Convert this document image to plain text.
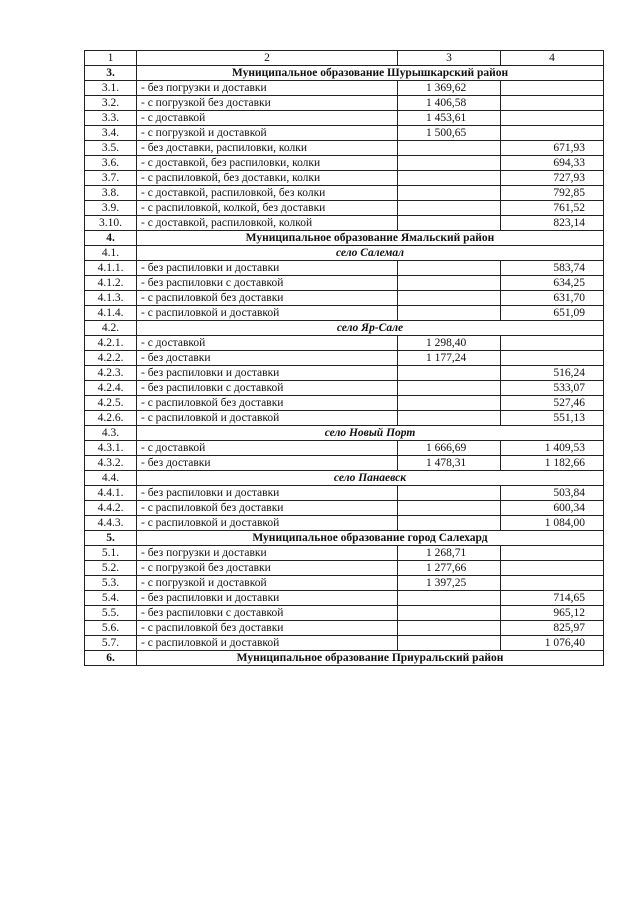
1	2	3	4
3.	Муниципальное образование Шурышкарский район		
3.1.	- без погрузки и доставки	1 369,62	
3.2.	- с погрузкой без доставки	1 406,58	
3.3.	- с доставкой	1 453,61	
3.4.	- с погрузкой и доставкой	1 500,65	
3.5.	- без доставки, распиловки, колки		671,93
3.6.	- с доставкой, без распиловки, колки		694,33
3.7.	- с распиловкой, без доставки, колки		727,93
3.8.	- с доставкой, распиловкой, без колки		792,85
3.9.	- с распиловкой, колкой, без доставки		761,52
3.10.	- с доставкой, распиловкой, колкой		823,14
4.	Муниципальное образование Ямальский район		
4.1.	село Салемал		
4.1.1.	- без распиловки и доставки		583,74
4.1.2.	- без распиловки с доставкой		634,25
4.1.3.	- с распиловкой без доставки		631,70
4.1.4.	- с распиловкой и доставкой		651,09
4.2.	село Яр-Сале		
4.2.1.	- с доставкой	1 298,40	
4.2.2.	- без доставки	1 177,24	
4.2.3.	- без распиловки и доставки		516,24
4.2.4.	- без распиловки с доставкой		533,07
4.2.5.	- с распиловкой без доставки		527,46
4.2.6.	- с распиловкой и доставкой		551,13
4.3.	село Новый Порт		
4.3.1.	- с доставкой	1 666,69	1 409,53
4.3.2.	- без доставки	1 478,31	1 182,66
4.4.	село Панаевск		
4.4.1.	- без распиловки и доставки		503,84
4.4.2.	- с распиловкой без доставки		600,34
4.4.3.	- с распиловкой и доставкой		1 084,00
5.	Муниципальное образование город Салехард		
5.1.	- без погрузки и доставки	1 268,71	
5.2.	- с погрузкой без доставки	1 277,66	
5.3.	- с погрузкой и доставкой	1 397,25	
5.4.	- без распиловки и доставки		714,65
5.5.	- без распиловки с доставкой		965,12
5.6.	- с распиловкой без доставки		825,97
5.7.	- с распиловкой и доставкой		1 076,40
6.	Муниципальное образование Приуральский район		
